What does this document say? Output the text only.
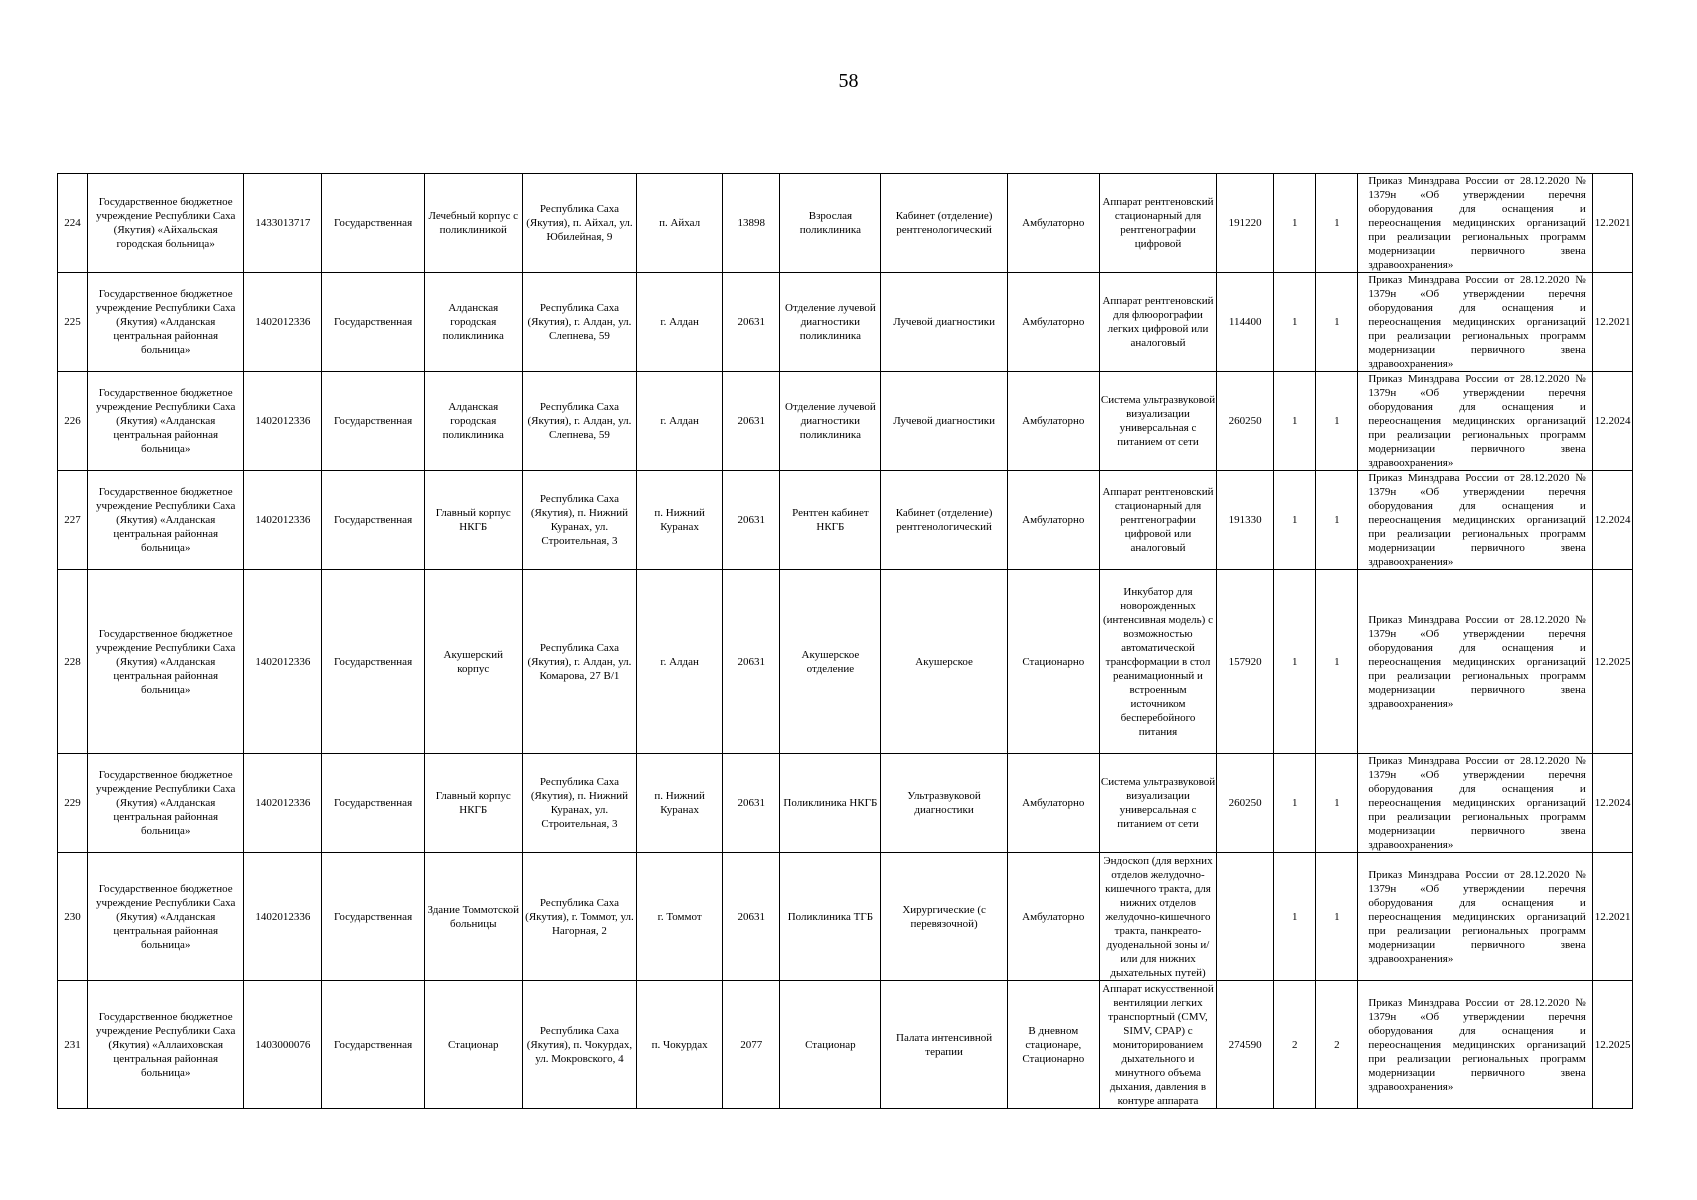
58
224	Государственное бюджетное учреждение Республики Саха (Якутия) «Айхальская городская больница»	1433013717	Государственная	Лечебный корпус с поликлиникой	Республика Саха (Якутия), п. Айхал, ул. Юбилейная, 9	п. Айхал	13898	Взрослая поликлиника	Кабинет (отделение) рентгенологический	Амбулаторно	Аппарат рентгеновский стационарный для рентгенографии цифровой	191220	1	1	Приказ Минздрава России от 28.12.2020 № 1379н «Об утверждении перечня оборудования для оснащения и переоснащения медицинских организаций при реализации региональных программ модернизации первичного звена здравоохранения»	12.2021
225	Государственное бюджетное учреждение Республики Саха (Якутия) «Алданская центральная районная больница»	1402012336	Государственная	Алданская городская поликлиника	Республика Саха (Якутия), г. Алдан, ул. Слепнева, 59	г. Алдан	20631	Отделение лучевой диагностики поликлиника	Лучевой диагностики	Амбулаторно	Аппарат рентгеновский для флюорографии легких цифровой или аналоговый	114400	1	1	Приказ Минздрава России от 28.12.2020 № 1379н «Об утверждении перечня оборудования для оснащения и переоснащения медицинских организаций при реализации региональных программ модернизации первичного звена здравоохранения»	12.2021
226	Государственное бюджетное учреждение Республики Саха (Якутия) «Алданская центральная районная больница»	1402012336	Государственная	Алданская городская поликлиника	Республика Саха (Якутия), г. Алдан, ул. Слепнева, 59	г. Алдан	20631	Отделение лучевой диагностики поликлиника	Лучевой диагностики	Амбулаторно	Система ультразвуковой визуализации универсальная с питанием от сети	260250	1	1	Приказ Минздрава России от 28.12.2020 № 1379н «Об утверждении перечня оборудования для оснащения и переоснащения медицинских организаций при реализации региональных программ модернизации первичного звена здравоохранения»	12.2024
227	Государственное бюджетное учреждение Республики Саха (Якутия) «Алданская центральная районная больница»	1402012336	Государственная	Главный корпус НКГБ	Республика Саха (Якутия), п. Нижний Куранах, ул. Строительная, 3	п. Нижний Куранах	20631	Рентген кабинет НКГБ	Кабинет (отделение) рентгенологический	Амбулаторно	Аппарат рентгеновский стационарный для рентгенографии цифровой или аналоговый	191330	1	1	Приказ Минздрава России от 28.12.2020 № 1379н «Об утверждении перечня оборудования для оснащения и переоснащения медицинских организаций при реализации региональных программ модернизации первичного звена здравоохранения»	12.2024
228	Государственное бюджетное учреждение Республики Саха (Якутия) «Алданская центральная районная больница»	1402012336	Государственная	Акушерский корпус	Республика Саха (Якутия), г. Алдан, ул. Комарова, 27 В/1	г. Алдан	20631	Акушерское отделение	Акушерское	Стационарно	Инкубатор для новорожденных (интенсивная модель) с возможностью автоматической трансформации в стол реанимационный и встроенным источником бесперебойного питания	157920	1	1	Приказ Минздрава России от 28.12.2020 № 1379н «Об утверждении перечня оборудования для оснащения и переоснащения медицинских организаций при реализации региональных программ модернизации первичного звена здравоохранения»	12.2025
229	Государственное бюджетное учреждение Республики Саха (Якутия) «Алданская центральная районная больница»	1402012336	Государственная	Главный корпус НКГБ	Республика Саха (Якутия), п. Нижний Куранах, ул. Строительная, 3	п. Нижний Куранах	20631	Поликлиника НКГБ	Ультразвуковой диагностики	Амбулаторно	Система ультразвуковой визуализации универсальная с питанием от сети	260250	1	1	Приказ Минздрава России от 28.12.2020 № 1379н «Об утверждении перечня оборудования для оснащения и переоснащения медицинских организаций при реализации региональных программ модернизации первичного звена здравоохранения»	12.2024
230	Государственное бюджетное учреждение Республики Саха (Якутия) «Алданская центральная районная больница»	1402012336	Государственная	Здание Томмотской больницы	Республика Саха (Якутия), г. Томмот, ул. Нагорная, 2	г. Томмот	20631	Поликлиника ТГБ	Хирургические (с перевязочной)	Амбулаторно	Эндоскоп (для верхних отделов желудочно-кишечного тракта, для нижних отделов желудочно-кишечного тракта, панкреато-дуоденальной зоны и/или для нижних дыхательных путей)		1	1	Приказ Минздрава России от 28.12.2020 № 1379н «Об утверждении перечня оборудования для оснащения и переоснащения медицинских организаций при реализации региональных программ модернизации первичного звена здравоохранения»	12.2021
231	Государственное бюджетное учреждение Республики Саха (Якутия) «Аллаиховская центральная районная больница»	1403000076	Государственная	Стационар	Республика Саха (Якутия), п. Чокурдах, ул. Мокровского, 4	п. Чокурдах	2077	Стационар	Палата интенсивной терапии	В дневном стационаре, Стационарно	Аппарат искусственной вентиляции легких транспортный (CMV, SIMV, CPAP) с мониторированием дыхательного и минутного объема дыхания, давления в контуре аппарата	274590	2	2	Приказ Минздрава России от 28.12.2020 № 1379н «Об утверждении перечня оборудования для оснащения и переоснащения медицинских организаций при реализации региональных программ модернизации первичного звена здравоохранения»	12.2025
